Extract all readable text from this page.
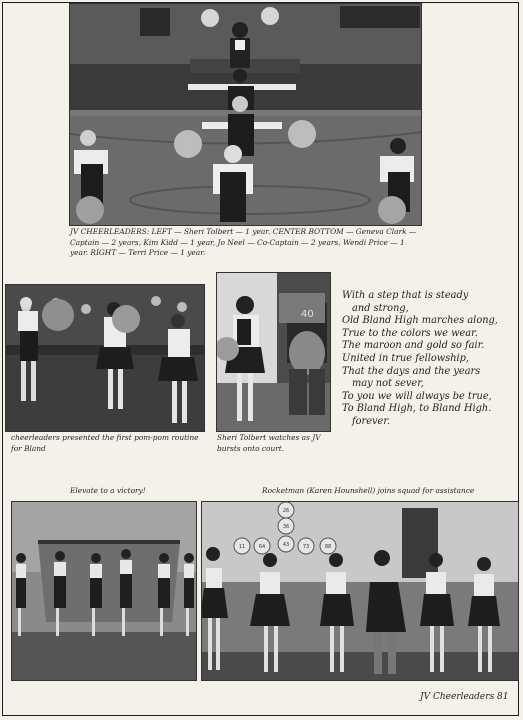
JV CHEERLEADERS: LEFT — Sheri Tolbert — 1 year. CENTER BOTTOM — Geneva Clark — Captain — 2 years, Kim Kidd — 1 year, Jo Neel — Co-Captain — 2 years, Wendi Price — 1 year. RIGHT — Terri Price — 1 year.

cheerleaders presented the first pom-pom routine for Bland

40

Sheri Tolbert watches as JV bursts onto court.

With a step that is steady
and strong,
Old Bland High marches along,
True to the colors we wear.
The maroon and gold so fair.
United in true fellowship,
That the days and the years
may not sever,
To you we will always be true,
To Bland High, to Bland High.
forever.

Elevate to a victory!	Rocketman (Karen Hounshell) joins squad for assistance

26
36
43
11	64	73	88
JV Cheerleaders 81
